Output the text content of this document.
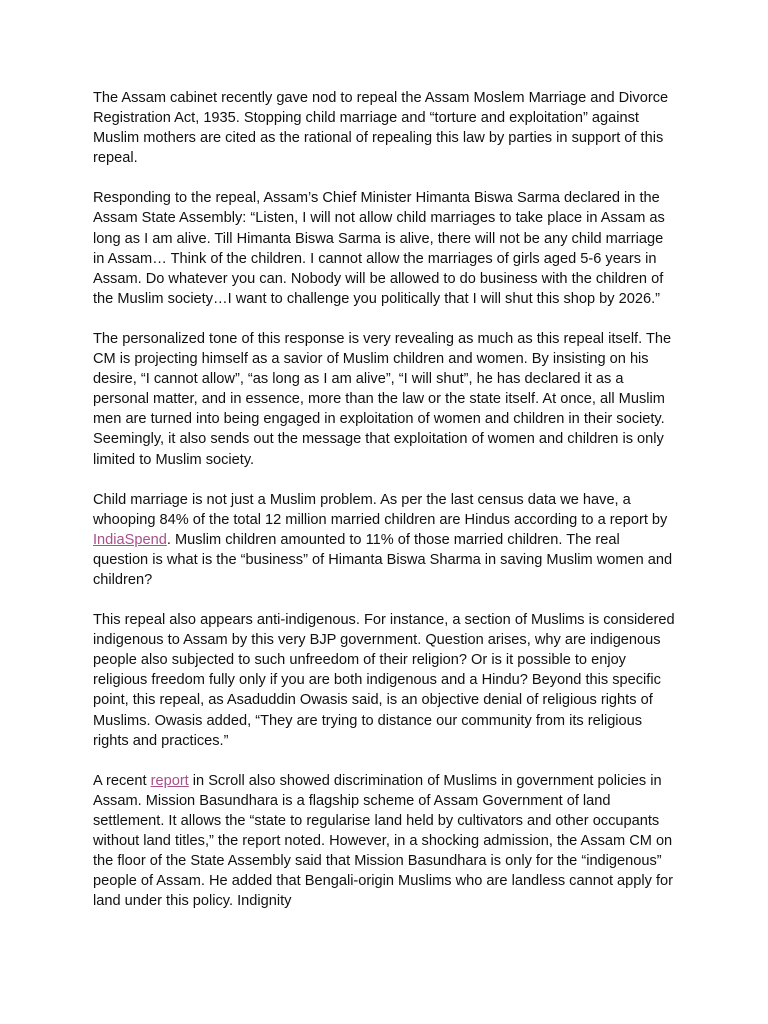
The Assam cabinet recently gave nod to repeal the Assam Moslem Marriage and Divorce Registration Act, 1935. Stopping child marriage and “torture and exploitation” against Muslim mothers are cited as the rational of repealing this law by parties in support of this repeal.

Responding to the repeal, Assam’s Chief Minister Himanta Biswa Sarma declared in the Assam State Assembly: “Listen, I will not allow child marriages to take place in Assam as long as I am alive. Till Himanta Biswa Sarma is alive, there will not be any child marriage in Assam… Think of the children. I cannot allow the marriages of girls aged 5-6 years in Assam. Do whatever you can. Nobody will be allowed to do business with the children of the Muslim society…I want to challenge you politically that I will shut this shop by 2026.”

The personalized tone of this response is very revealing as much as this repeal itself. The CM is projecting himself as a savior of Muslim children and women. By insisting on his desire, “I cannot allow”, “as long as I am alive”, “I will shut”, he has declared it as a personal matter, and in essence, more than the law or the state itself. At once, all Muslim men are turned into being engaged in exploitation of women and children in their society. Seemingly, it also sends out the message that exploitation of women and children is only limited to Muslim society.

Child marriage is not just a Muslim problem. As per the last census data we have, a whooping 84% of the total 12 million married children are Hindus according to a report by IndiaSpend. Muslim children amounted to 11% of those married children. The real question is what is the “business” of Himanta Biswa Sharma in saving Muslim women and children?

This repeal also appears anti-indigenous. For instance, a section of Muslims is considered indigenous to Assam by this very BJP government. Question arises, why are indigenous people also subjected to such unfreedom of their religion? Or is it possible to enjoy religious freedom fully only if you are both indigenous and a Hindu? Beyond this specific point, this repeal, as Asaduddin Owasis said, is an objective denial of religious rights of Muslims. Owasis added, “They are trying to distance our community from its religious rights and practices.”

A recent report in Scroll also showed discrimination of Muslims in government policies in Assam. Mission Basundhara is a flagship scheme of Assam Government of land settlement. It allows the “state to regularise land held by cultivators and other occupants without land titles,” the report noted. However, in a shocking admission, the Assam CM on the floor of the State Assembly said that Mission Basundhara is only for the “indigenous” people of Assam. He added that Bengali-origin Muslims who are landless cannot apply for land under this policy. Indignity
